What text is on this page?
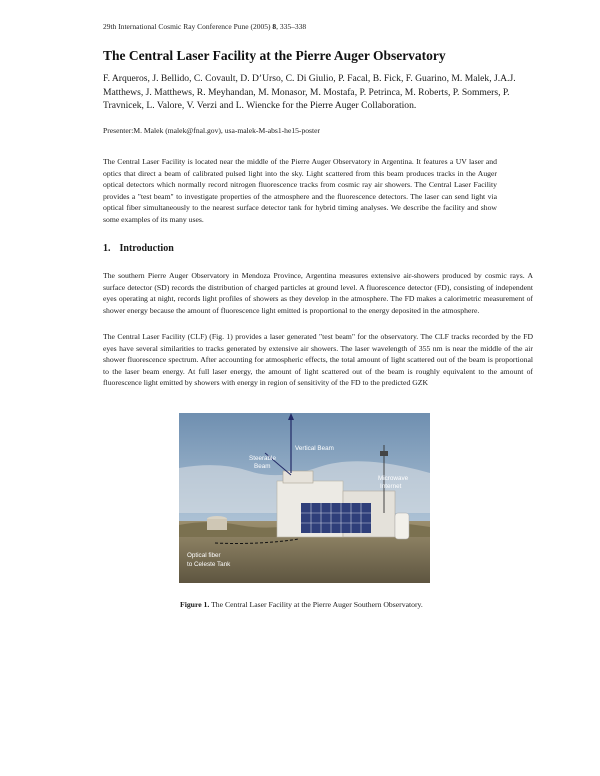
29th International Cosmic Ray Conference Pune (2005) 8, 335–338
The Central Laser Facility at the Pierre Auger Observatory

F. Arqueros, J. Bellido, C. Covault, D. D’Urso, C. Di Giulio, P. Facal, B. Fick, F. Guarino, M. Malek, J.A.J. Matthews, J. Matthews, R. Meyhandan, M. Monasor, M. Mostafa, P. Petrinca, M. Roberts, P. Sommers, P. Travnicek, L. Valore, V. Verzi and L. Wiencke for the Pierre Auger Collaboration.

Presenter:M. Malek (malek@fnal.gov), usa-malek-M-abs1-he15-poster

The Central Laser Facility is located near the middle of the Pierre Auger Observatory in Argentina. It features a UV laser and optics that direct a beam of calibrated pulsed light into the sky. Light scattered from this beam produces tracks in the Auger optical detectors which normally record nitrogen fluorescence tracks from cosmic ray air showers. The Central Laser Facility provides a "test beam" to investigate properties of the atmosphere and the fluorescence detectors. The laser can send light via optical fiber simultaneously to the nearest surface detector tank for hybrid timing analyses. We describe the facility and show some examples of its many uses.

1. Introduction

The southern Pierre Auger Observatory in Mendoza Province, Argentina measures extensive air-showers produced by cosmic rays. A surface detector (SD) records the distribution of charged particles at ground level. A fluorescence detector (FD), consisting of independent eyes operating at night, records light profiles of showers as they develop in the atmosphere. The FD makes a calorimetric measurement of shower energy because the amount of fluorescence light emitted is proportional to the energy deposited in the atmosphere.

The Central Laser Facility (CLF) (Fig. 1) provides a laser generated "test beam" for the observatory. The CLF tracks recorded by the FD eyes have several similarities to tracks generated by extensive air showers. The laser wavelength of 355 nm is near the middle of the air shower fluorescence spectrum. After accounting for atmospheric effects, the total amount of light scattered out of the beam is proportional to the laser beam energy. At full laser energy, the amount of light scattered out of the beam is roughly equivalent to the amount of fluorescence light emitted by showers with energy in region of sensitivity of the FD to the predicted GZK

Vertical Beam
Steerable
Beam
Microwave
Internet
Optical fiber
to Celeste Tank

Figure 1. The Central Laser Facility at the Pierre Auger Southern Observatory.
